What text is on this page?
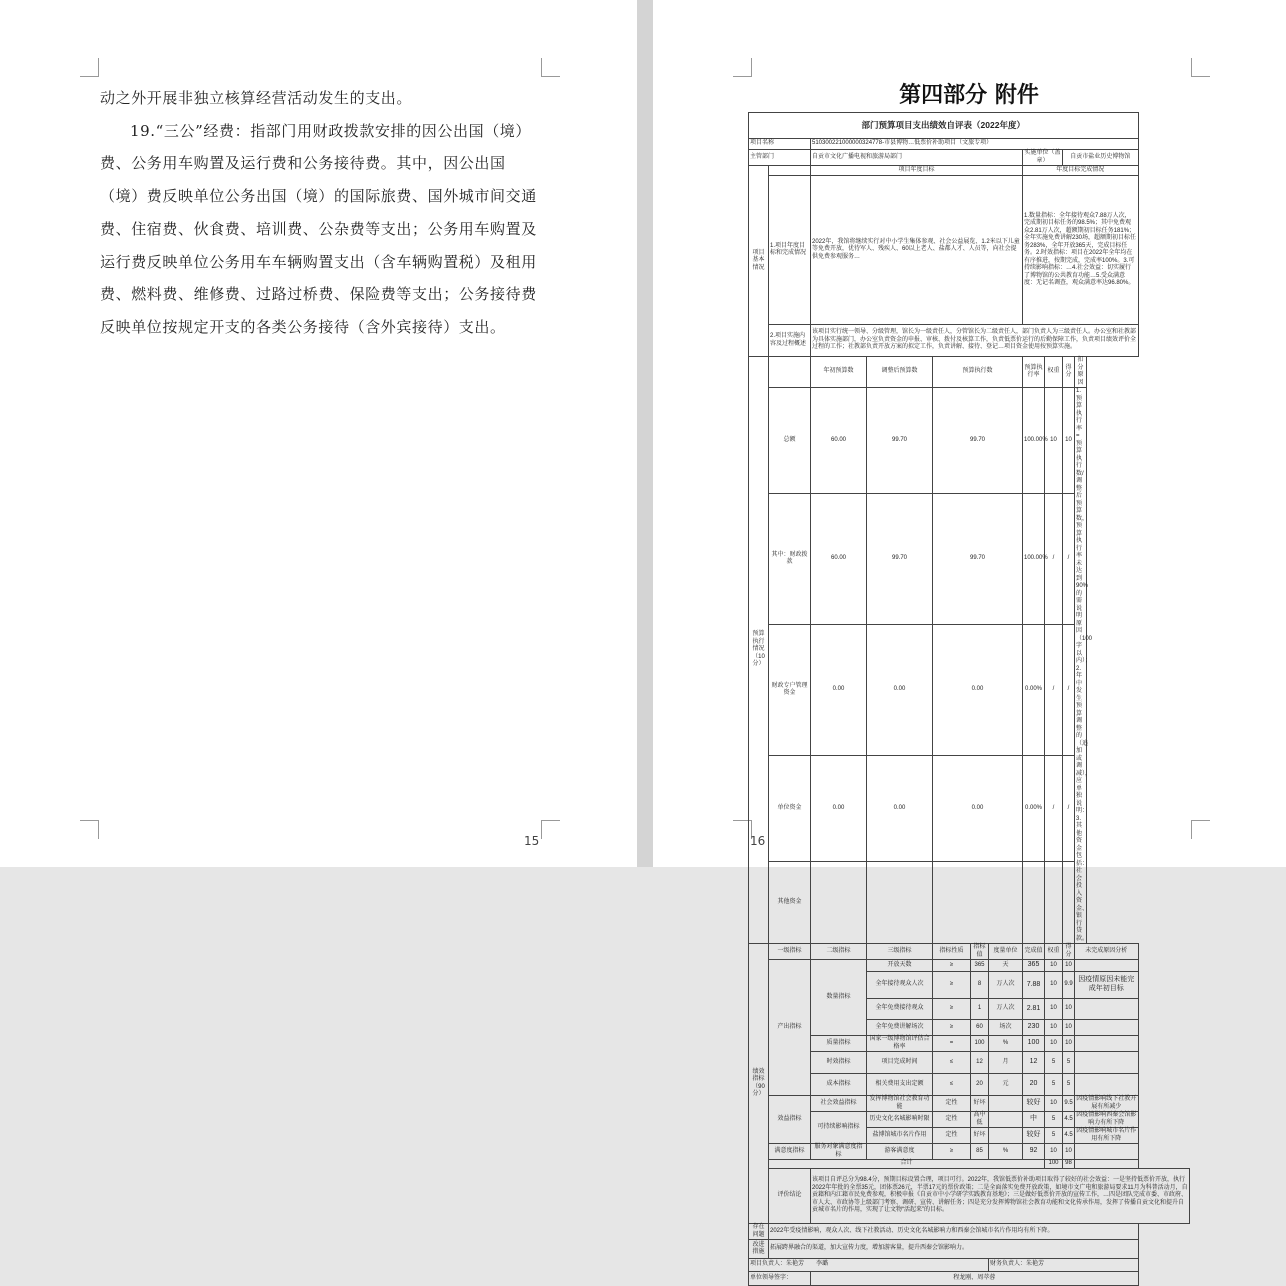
动之外开展非独立核算经营活动发生的支出。

19.“三公”经费：指部门用财政拨款安排的因公出国（境）费、公务用车购置及运行费和公务接待费。其中，因公出国（境）费反映单位公务出国（境）的国际旅费、国外城市间交通费、住宿费、伙食费、培训费、公杂费等支出；公务用车购置及运行费反映单位公务用车车辆购置支出（含车辆购置税）及租用费、燃料费、维修费、过路过桥费、保险费等支出；公务接待费反映单位按规定开支的各类公务接待（含外宾接待）支出。

15	16
第四部分 附件
部门预算项目支出绩效自评表（2022年度）										
项目名称		510300221000000324778-市县博物…低票价补助项目（文旅专项）								
主管部门		自贡市文化广播电视和旅游局部门					实施单位（盖章）		自贡市盐业历史博物馆	
项目基本情况		项目年度目标					年度目标完成情况			
	1.项目年度目标和完成情况	2022年，我馆将继续实行对中小学生集体参观、社会公益展览、1.2米以下儿童等免费开放，优待军人、残疾人、60以上老人、盐都人才、人员等，向社会提供免费参观服务…					1.数量指标：全年接待观众7.88万人次，完成期初目标任务的98.5%；其中免费观众2.81万人次，超额期初目标任务181%；全年实施免费讲解230场，超额期初目标任务283%，全年开放365天，完成目标任务。2.时效指标：项目在2022年全年均在有序推进，按期完成，完成率100%。3.可持续影响指标：…4.社会效益：切实履行了博物馆的公共教育功能…5.受众满意度：无记名调查，观众满意率达96.80%。			
	2.项目实施内容及过程概述	该项目实行统一领导、分级管理，馆长为一级责任人，分管馆长为二级责任人，部门负责人为三级责任人。办公室和社教部为具体实施部门，办公室负责资金的申报、审核、拨付及核算工作，负责低票价运行的后勤保障工作，负责项目绩效评价全过程的工作；社教部负责开放方案的拟定工作，负责讲解、接待、登记…项目资金使用按预算实施。								
预算执行情况（10分）		年初预算数	调整后预算数	预算执行数			预算执行率	权重	得分	扣分原因
	总额	60.00	99.70	99.70			100.00%	10	10	1.预算执行率=预算执行数/调整后预算数，预算执行率未达到90%的需说明原因（100字以内）；2.年中发生预算调整的（追加或调减），应单独说明：3.其他资金包括：社会投入资金、银行贷款。
	其中：财政拨款	60.00	99.70	99.70			100.00%	/	/	
	财政专户管理资金	0.00	0.00	0.00			0.00%	/	/	
	单位资金	0.00	0.00	0.00			0.00%	/	/	
	其他资金									
绩效指标（90分）	一级指标	二级指标	三级指标	指标性质	指标值	度量单位	完成值	权重	得分	未完成原因分析
	产出指标	数量指标	开放天数	≥	365	天	365	10	10	
			全年接待观众人次	≥	8	万人次	7.88	10	9.9	因疫情原因未能完成年初目标
			全年免费接待观众	≥	1	万人次	2.81	10	10	
			全年免费讲解场次	≥	60	场次	230	10	10	
		质量指标	国家一级博物馆评估合格率	=	100	%	100	10	10	
		时效指标	项目完成时间	≤	12	月	12	5	5	
		成本指标	相关费用支出定额	≤	20	元	20	5	5	
	效益指标	社会效益指标	发挥博物馆社会教育功能	定性	好坏		较好	10	9.5	因疫情影响线下社教开展有所减少
		可持续影响指标	历史文化名城影响时限	定性	高中低		中	5	4.5	因疫情影响西秦会馆影响力有所下降
			盐博馆城市名片作用	定性	好坏		较好	5	4.5	因疫情影响城市名片作用有所下降
	满意度指标	服务对象满意度指标	游客满意度	≥	85	%	92	10	10	
	合计							100	98	
	评价结论	该项目自评总分为98.4分，预期目标设置合理，项目可行。2022年，我馆低票价补助项目取得了较好的社会效益：一是坚持低票价开放，执行2022年年批的全票35元，团体票26元，半票17元的票价政策；二是全面落实免费开放政策，如境市文广电和旅游局要求11月为科普活动月，自贡籍和内江籍市民免费参观，积极申报《自贡市中小学研学实践教育基地》；三是做好低票价开放的宣传工作，…四是团队完成市委、市政府、市人大、市政协等上级部门考察、调研、宣传、讲解任务；四是充分发挥博物馆社会教育功能和文化传承作用，发挥了传播自贡文化和提升自贡城市名片的作用，实现了让文物“活起来”的目标。								
存在问题	2022年受疫情影响，观众人次、线下社教活动、历史文化名城影响力和西秦会馆城市名片作用均有所下降。									
改进措施	拓展跨界融合的渠道，加大宣传力度，增加游客量，提升西秦会馆影响力。									
项目负责人：朱艳芳　　李璐						财务负责人：朱艳芳				
单位领导签字：		程龙刚、周萃蓉								
